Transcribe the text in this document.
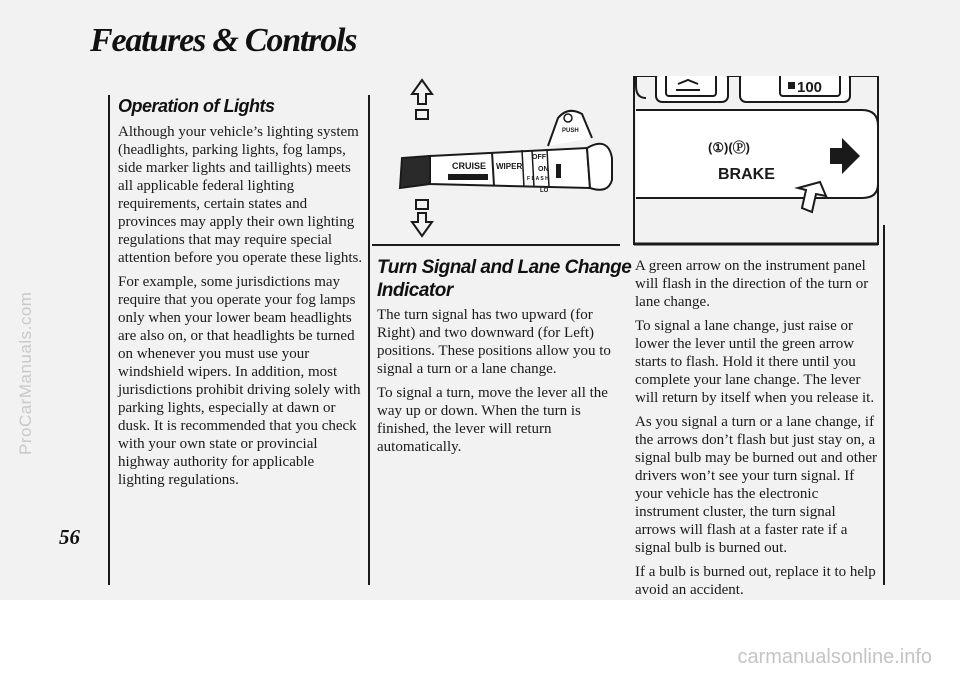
ProCarManuals.com
carmanualsonline.info
Features & Controls
56
Operation of Lights

Although your vehicle’s lighting system (headlights, parking lights, fog lamps, side marker lights and taillights) meets all applicable federal lighting requirements, certain states and provinces may apply their own lighting regulations that may require special attention before you operate these lights.

For example, some jurisdictions may require that you operate your fog lamps only when your lower beam headlights are also on, or that headlights be turned on whenever you must use your windshield wipers. In addition, most jurisdictions prohibit driving solely with parking lights, especially at dawn or dusk. It is recommended that you check with your own state or provincial highway authority for applicable lighting regulations.

PUSH
CRUISE WIPER
OFF
ON
LO
F L A S H
Turn Signal and Lane Change
Indicator

The turn signal has two upward (for Right) and two downward (for Left) positions. These positions allow you to signal a turn or a lane change.

To signal a turn, move the lever all the way up or down. When the turn is finished, the lever will return automatically.

100
(①)(Ⓟ)
BRAKE

A green arrow on the instrument panel will flash in the direction of the turn or lane change.

To signal a lane change, just raise or lower the lever until the green arrow starts to flash. Hold it there until you complete your lane change. The lever will return by itself when you release it.

As you signal a turn or a lane change, if the arrows don’t flash but just stay on, a signal bulb may be burned out and other drivers won’t see your turn signal. If your vehicle has the electronic instrument cluster, the turn signal arrows will flash at a faster rate if a signal bulb is burned out.

If a bulb is burned out, replace it to help avoid an accident.
